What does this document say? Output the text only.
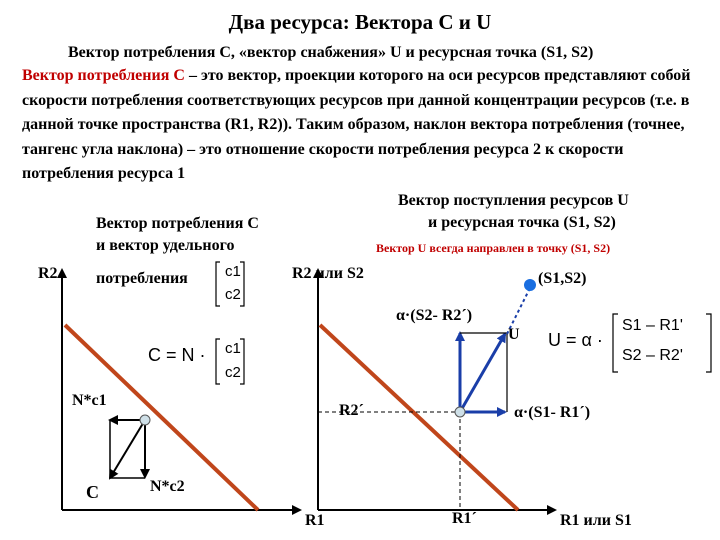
Два ресурса: Вектора С и U
Вектор потребления С, «вектор снабжения» U и ресурсная точка (S1, S2)
Вектор потребления С – это вектор, проекции которого на оси ресурсов представляют собой скорости потребления соответствующих ресурсов при данной концентрации ресурсов (т.е. в данной точке пространства (R1, R2)). Таким образом, наклон вектора потребления (точнее, тангенс угла наклона) – это отношение скорости потребления ресурса 2 к скорости потребления ресурса 1
Вектор потребления С
и вектор удельного
потребления
R2
R1
N*c1
N*c2
C
C = N ·
c1
c2
c1
c2
Вектор поступления ресурсов U
и ресурсная точка (S1, S2)
Вектор U всегда направлен в точку (S1, S2)
R2 или S2
R1 или S1
(S1,S2)
α·(S2- R2´)
α·(S1- R1´)
U
R2´
R1´
U = α ·
S1 – R1'
S2 – R2'
